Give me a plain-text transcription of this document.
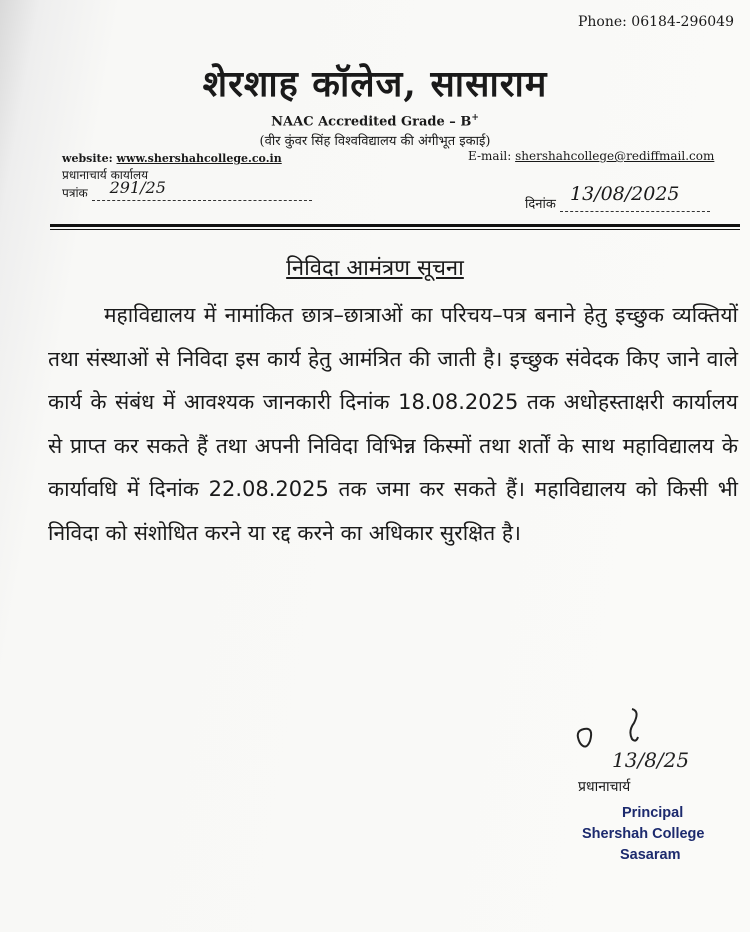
Phone: 06184-296049
शेरशाह कॉलेज, सासाराम
NAAC Accredited Grade – B+
(वीर कुंवर सिंह विश्वविद्यालय की अंगीभूत इकाई)
website: www.shershahcollege.co.in	E-mail: shershahcollege@rediffmail.com
प्रधानाचार्य कार्यालय
पत्रांक 291/25
दिनांक 13/08/2025
निविदा आमंत्रण सूचना
महाविद्यालय में नामांकित छात्र–छात्राओं का परिचय–पत्र बनाने हेतु इच्छुक व्यक्तियों तथा संस्थाओं से निविदा इस कार्य हेतु आमंत्रित की जाती है। इच्छुक संवेदक किए जाने वाले कार्य के संबंध में आवश्यक जानकारी दिनांक 18.08.2025 तक अधोहस्ताक्षरी कार्यालय से प्राप्त कर सकते हैं तथा अपनी निविदा विभिन्न किस्मों तथा शर्तों के साथ महाविद्यालय के कार्यावधि में दिनांक 22.08.2025 तक जमा कर सकते हैं। महाविद्यालय को किसी भी निविदा को संशोधित करने या रद्द करने का अधिकार सुरक्षित है।
13/8/25
प्रधानाचार्य
Principal
Shershah College
Sasaram
